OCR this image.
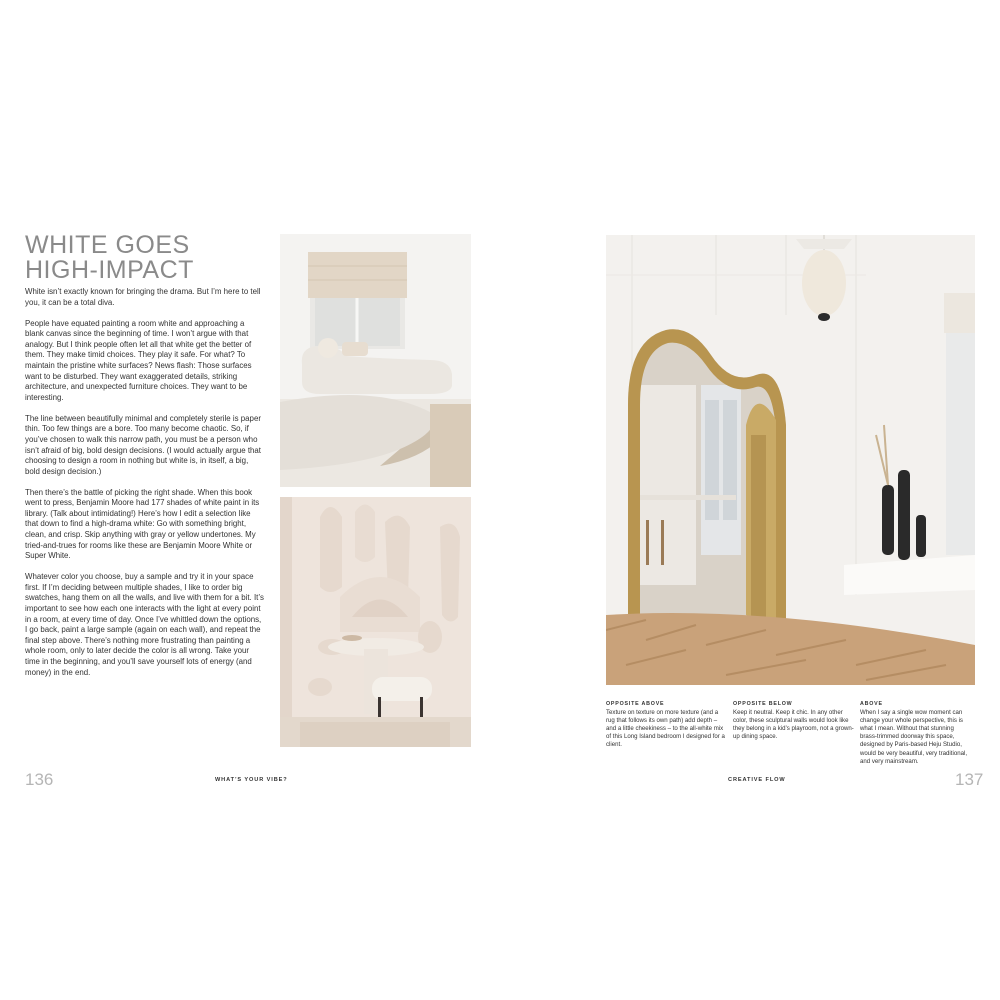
WHITE GOES
HIGH-IMPACT

White isn’t exactly known for bringing the drama. But I’m here to tell you, it can be a total diva.

People have equated painting a room white and approaching a blank canvas since the beginning of time. I won’t argue with that analogy. But I think people often let all that white get the better of them. They make timid choices. They play it safe. For what? To maintain the pristine white surfaces? News flash: Those surfaces want to be disturbed. They want exaggerated details, striking architecture, and unexpected furniture choices. They want to be interesting.

The line between beautifully minimal and completely sterile is paper thin. Too few things are a bore. Too many become chaotic. So, if you’ve chosen to walk this narrow path, you must be a person who isn’t afraid of big, bold design decisions. (I would actually argue that choosing to design a room in nothing but white is, in itself, a big, bold design decision.)

Then there’s the battle of picking the right shade. When this book went to press, Benjamin Moore had 177 shades of white paint in its library. (Talk about intimidating!) Here’s how I edit a selection like that down to find a high-drama white: Go with something bright, clean, and crisp. Skip anything with gray or yellow undertones. My tried-and-trues for rooms like these are Benjamin Moore White or Super White.

Whatever color you choose, buy a sample and try it in your space first. If I’m deciding between multiple shades, I like to order big swatches, hang them on all the walls, and live with them for a bit. It’s important to see how each one interacts with the light at every point in a room, at every time of day. Once I’ve whittled down the options, I go back, paint a large sample (again on each wall), and repeat the final step above. There’s nothing more frustrating than painting a whole room, only to later decide the color is all wrong. Take your time in the beginning, and you’ll save yourself lots of energy (and money) in the end.

136	WHAT’S YOUR VIBE?
OPPOSITE ABOVE
Texture on texture on more texture (and a rug that follows its own path) add depth – and a little cheekiness – to the all-white mix of this Long Island bedroom I designed for a client.
OPPOSITE BELOW
Keep it neutral. Keep it chic. In any other color, these sculptural walls would look like they belong in a kid’s playroom, not a grown-up dining space.
ABOVE
When I say a single wow moment can change your whole perspective, this is what I mean. Without that stunning brass-trimmed doorway this space, designed by Paris-based Heju Studio, would be very beautiful, very traditional, and very mainstream.
CREATIVE FLOW	137
